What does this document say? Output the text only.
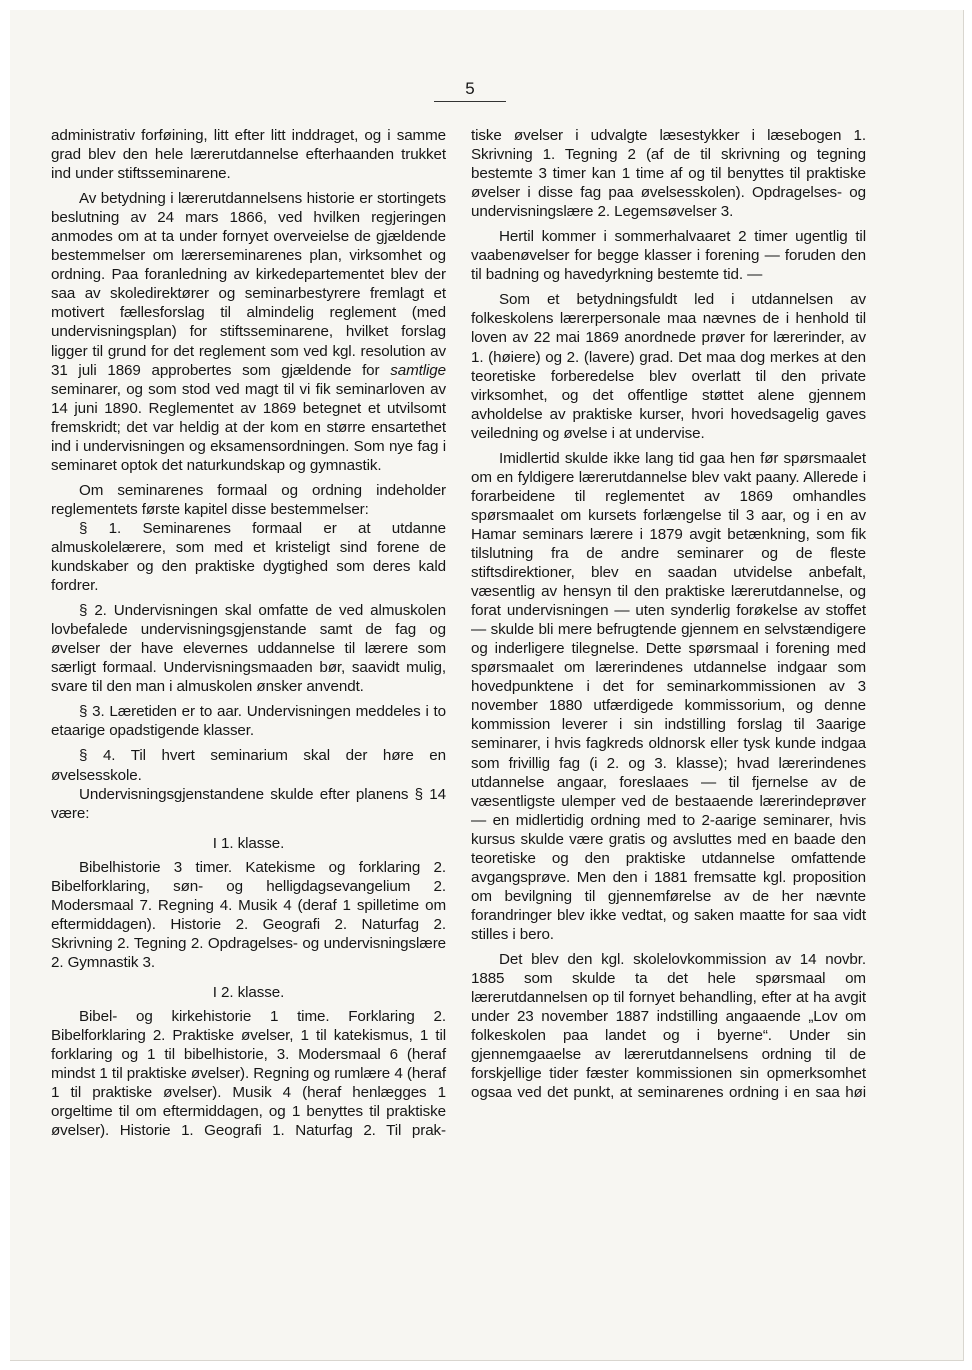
5

administrativ forføining, litt efter litt inddraget, og i samme grad blev den hele lærerutdannelse efterhaanden trukket ind under stiftsseminarene.

Av betydning i lærerutdannelsens historie er stortingets beslutning av 24 mars 1866, ved hvilken regjeringen anmodes om at ta under fornyet overveielse de gjældende bestemmelser om lærerseminarenes plan, virksomhet og ordning. Paa foranledning av kirkedepartementet blev der saa av skoledirektører og seminarbestyrere fremlagt et motivert fællesforslag til almindelig reglement (med undervisningsplan) for stiftsseminarene, hvilket forslag ligger til grund for det reglement som ved kgl. resolution av 31 juli 1869 approbertes som gjældende for samtlige seminarer, og som stod ved magt til vi fik seminarloven av 14 juni 1890. Reglementet av 1869 betegnet et utvilsomt fremskridt; det var heldig at der kom en større ensartethet ind i undervisningen og eksamensordningen. Som nye fag i seminaret optok det naturkundskap og gymnastik.

Om seminarenes formaal og ordning indeholder reglementets første kapitel disse bestemmelser:

§ 1. Seminarenes formaal er at utdanne almuskolelærere, som med et kristeligt sind forene de kundskaber og den praktiske dygtighed som deres kald fordrer.

§ 2. Undervisningen skal omfatte de ved almuskolen lovbefalede undervisningsgjenstande samt de fag og øvelser der have elevernes uddannelse til lærere som særligt formaal. Undervisningsmaaden bør, saavidt mulig, svare til den man i almuskolen ønsker anvendt.

§ 3. Læretiden er to aar. Undervisningen meddeles i to etaarige opadstigende klasser.

§ 4. Til hvert seminarium skal der høre en øvelsesskole.

Undervisningsgjenstandene skulde efter planens § 14 være:

I 1. klasse.

Bibelhistorie 3 timer. Katekisme og forklaring 2. Bibelforklaring, søn- og helligdagsevangelium 2. Modersmaal 7. Regning 4. Musik 4 (deraf 1 spilletime om eftermiddagen). Historie 2. Geografi 2. Naturfag 2. Skrivning 2. Tegning 2. Opdragelses- og undervisningslære 2. Gymnastik 3.

I 2. klasse.

Bibel- og kirkehistorie 1 time. Forklaring 2. Bibelforklaring 2. Praktiske øvelser, 1 til katekismus, 1 til forklaring og 1 til bibelhistorie, 3. Modersmaal 6 (heraf mindst 1 til praktiske øvelser). Regning og rumlære 4 (heraf 1 til praktiske øvelser). Musik 4 (heraf henlægges 1 orgeltime til om eftermiddagen, og 1 benyttes til praktiske øvelser). Historie 1. Geografi 1. Naturfag 2. Til prak-

tiske øvelser i udvalgte læsestykker i læsebogen 1. Skrivning 1. Tegning 2 (af de til skrivning og tegning bestemte 3 timer kan 1 time af og til benyttes til praktiske øvelser i disse fag paa øvelsesskolen). Opdragelses- og undervisningslære 2. Legemsøvelser 3.

Hertil kommer i sommerhalvaaret 2 timer ugentlig til vaabenøvelser for begge klasser i forening — foruden den til badning og havedyrkning bestemte tid. —

Som et betydningsfuldt led i utdannelsen av folkeskolens lærerpersonale maa nævnes de i henhold til loven av 22 mai 1869 anordnede prøver for lærerinder, av 1. (høiere) og 2. (lavere) grad. Det maa dog merkes at den teoretiske forberedelse blev overlatt til den private virksomhet, og det offentlige støttet alene gjennem avholdelse av praktiske kurser, hvori hovedsagelig gaves veiledning og øvelse i at undervise.

Imidlertid skulde ikke lang tid gaa hen før spørsmaalet om en fyldigere lærerutdannelse blev vakt paany. Allerede i forarbeidene til reglementet av 1869 omhandles spørsmaalet om kursets forlængelse til 3 aar, og i en av Hamar seminars lærere i 1879 avgit betænkning, som fik tilslutning fra de andre seminarer og de fleste stiftsdirektioner, blev en saadan utvidelse anbefalt, væsentlig av hensyn til den praktiske lærerutdannelse, og forat undervisningen — uten synderlig forøkelse av stoffet — skulde bli mere befrugtende gjennem en selvstændigere og inderligere tilegnelse. Dette spørsmaal i forening med spørsmaalet om lærerindenes utdannelse indgaar som hovedpunktene i det for seminarkommissionen av 3 november 1880 utfærdigede kommissorium, og denne kommission leverer i sin indstilling forslag til 3aarige seminarer, i hvis fagkreds oldnorsk eller tysk kunde indgaa som frivillig fag (i 2. og 3. klasse); hvad lærerindenes utdannelse angaar, foreslaaes — til fjernelse av de væsentligste ulemper ved de bestaaende lærerindeprøver — en midlertidig ordning med to 2-aarige seminarer, hvis kursus skulde være gratis og avsluttes med en baade den teoretiske og den praktiske utdannelse omfattende avgangsprøve. Men den i 1881 fremsatte kgl. proposition om bevilgning til gjennemførelse av de her nævnte forandringer blev ikke vedtat, og saken maatte for saa vidt stilles i bero.

Det blev den kgl. skolelovkommission av 14 novbr. 1885 som skulde ta det hele spørsmaal om lærerutdannelsen op til fornyet behandling, efter at ha avgit under 23 november 1887 indstilling angaaende „Lov om folkeskolen paa landet og i byerne“. Under sin gjennemgaaelse av lærerutdannelsens ordning til de forskjellige tider fæster kommissionen sin opmerksomhet ogsaa ved det punkt, at seminarenes ordning i en saa høi
